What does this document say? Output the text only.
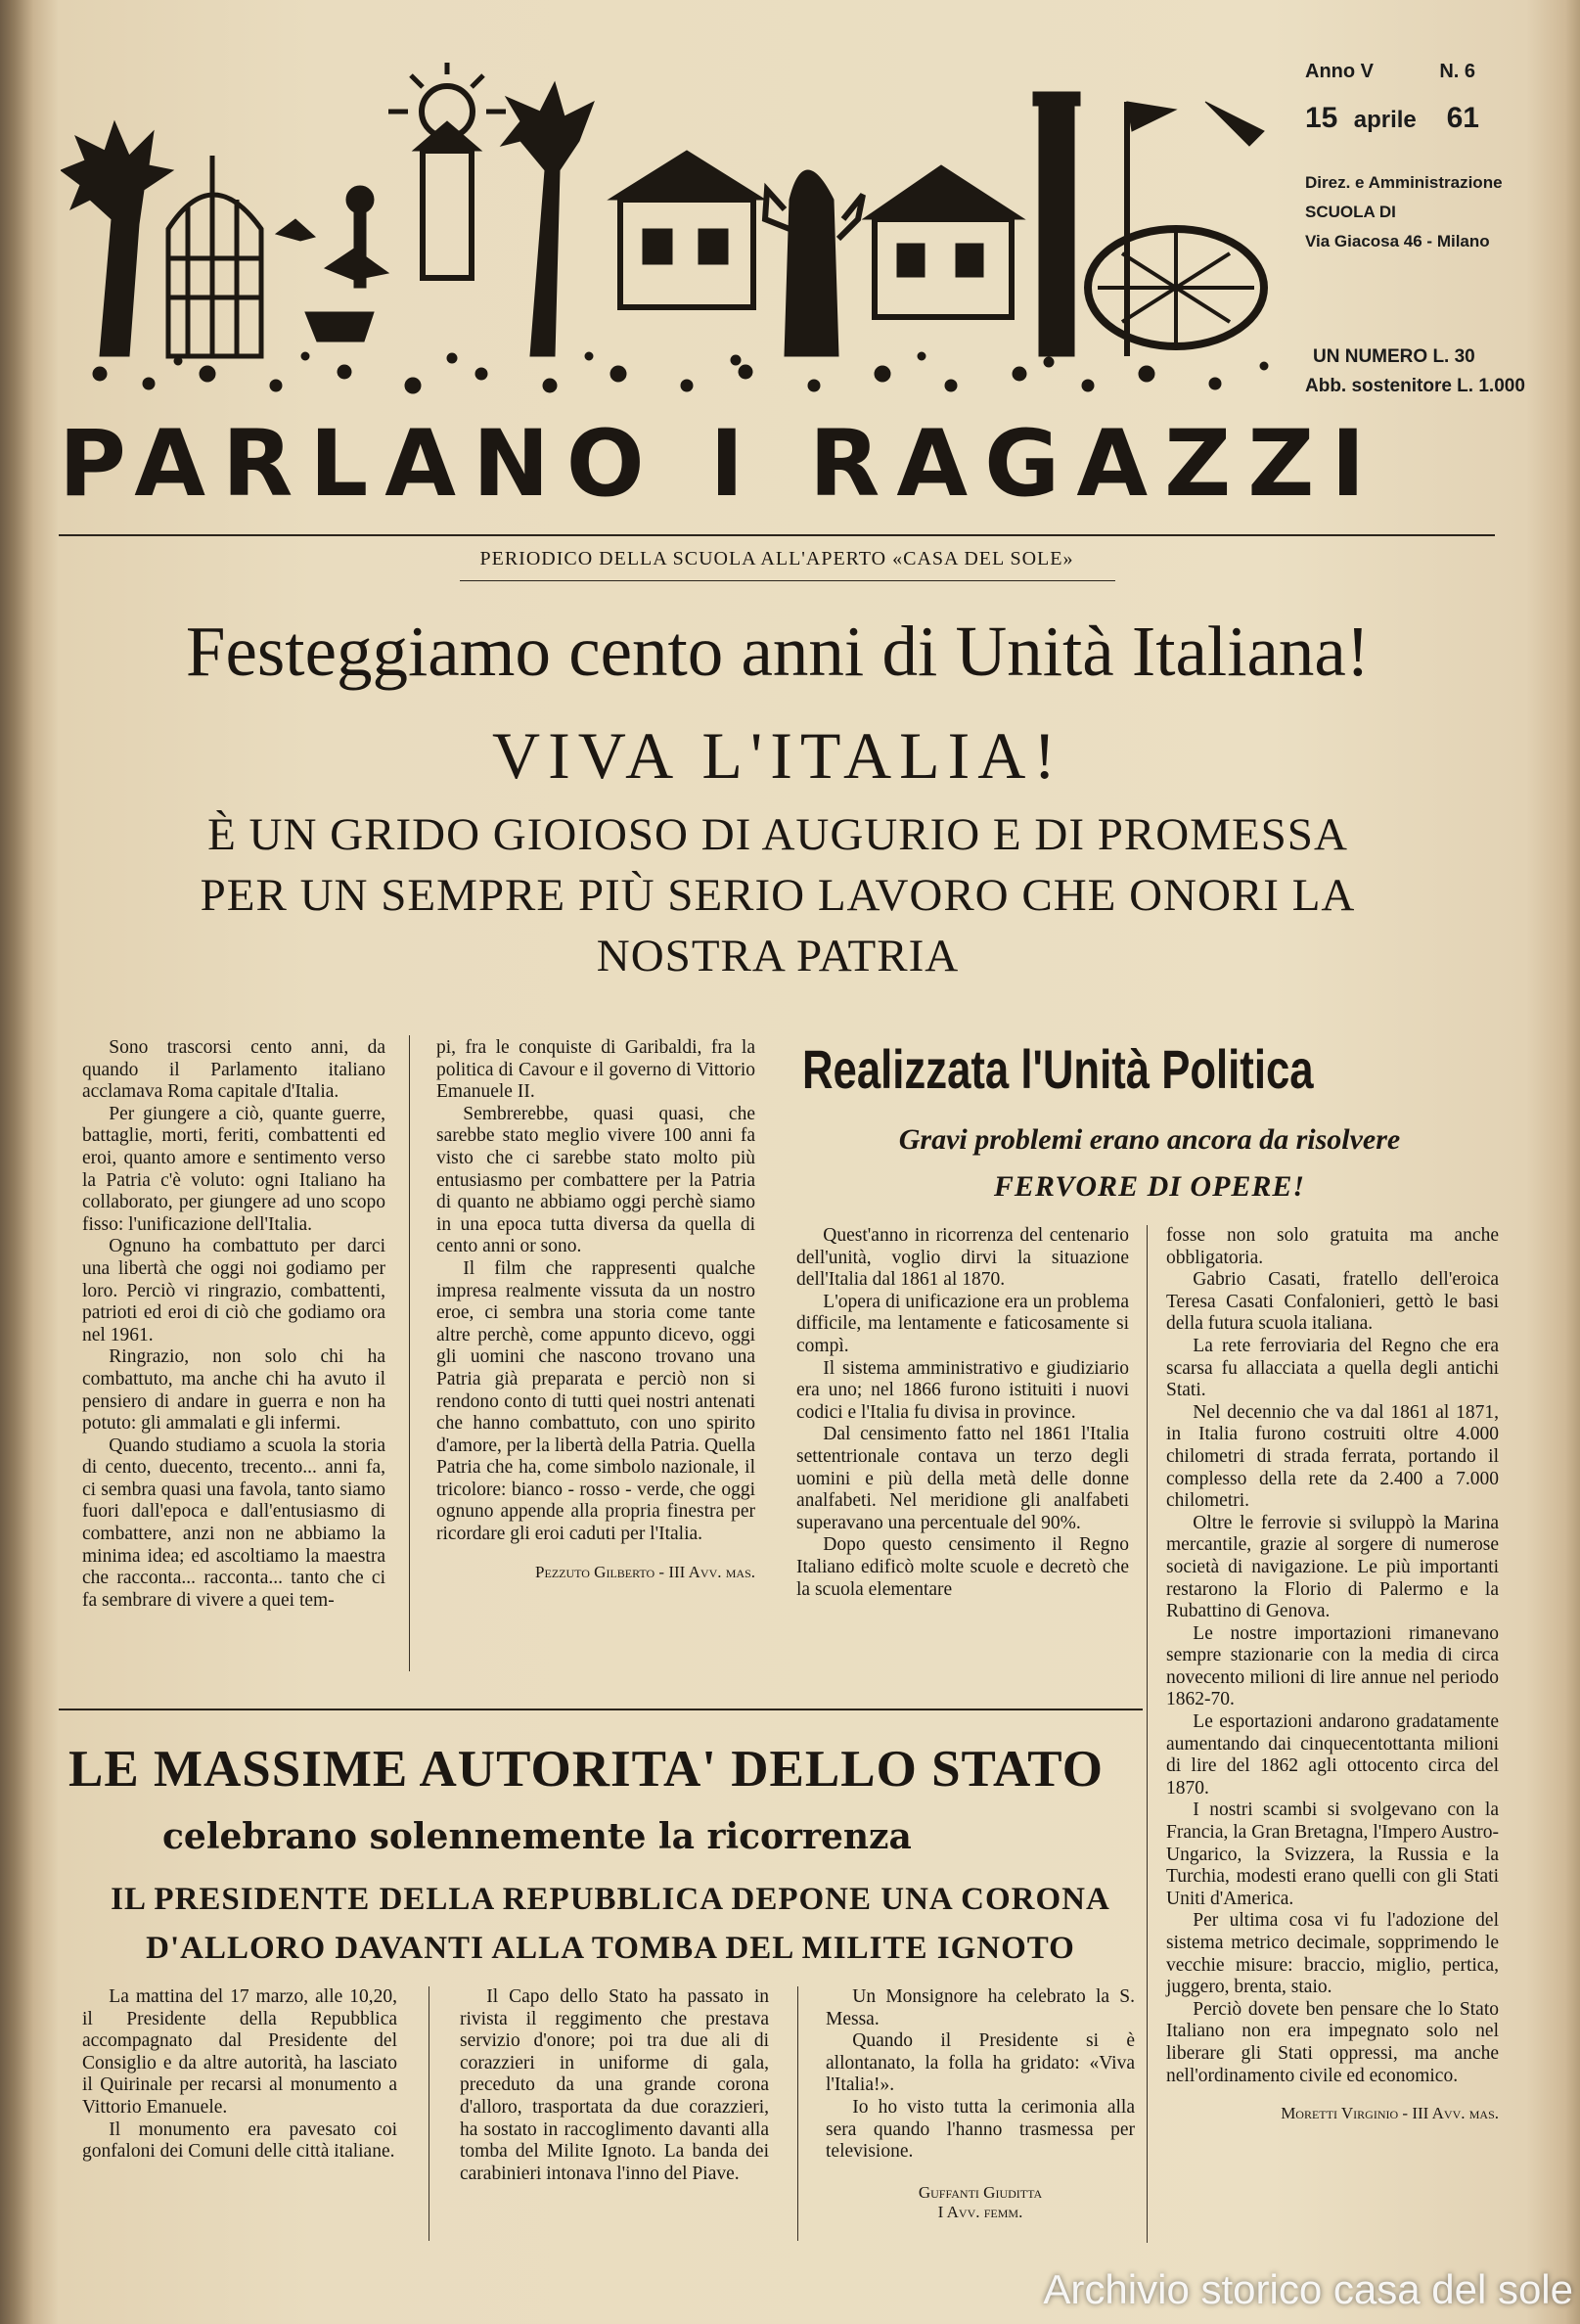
Anno V	N. 6
15 aprile 61
Direz. e Amministrazione
SCUOLA DI
Via Giacosa 46 - Milano
UN NUMERO L. 30
Abb. sostenitore L. 1.000
PARLANO I RAGAZZI
PERIODICO DELLA SCUOLA ALL'APERTO «CASA DEL SOLE»
Festeggiamo cento anni di Unità Italiana!
VIVA L'ITALIA!
È UN GRIDO GIOIOSO DI AUGURIO E DI PROMESSA
PER UN SEMPRE PIÙ SERIO LAVORO CHE ONORI LA
NOSTRA PATRIA

Sono trascorsi cento anni, da quando il Parlamento italiano acclamava Roma capitale d'Italia.

Per giungere a ciò, quante guerre, battaglie, morti, feriti, combattenti ed eroi, quanto amore e sentimento verso la Patria c'è voluto: ogni Italiano ha collaborato, per giungere ad uno scopo fisso: l'unificazione dell'Italia.

Ognuno ha combattuto per darci una libertà che oggi noi godiamo per loro. Perciò vi ringrazio, combattenti, patrioti ed eroi di ciò che godiamo ora nel 1961.

Ringrazio, non solo chi ha combattuto, ma anche chi ha avuto il pensiero di andare in guerra e non ha potuto: gli ammalati e gli infermi.

Quando studiamo a scuola la storia di cento, duecento, trecento... anni fa, ci sembra quasi una favola, tanto siamo fuori dall'epoca e dall'entusiasmo di combattere, anzi non ne abbiamo la minima idea; ed ascoltiamo la maestra che racconta... racconta... tanto che ci fa sembrare di vivere a quei tem-

pi, fra le conquiste di Garibaldi, fra la politica di Cavour e il governo di Vittorio Emanuele II.

Sembrerebbe, quasi quasi, che sarebbe stato meglio vivere 100 anni fa visto che ci sarebbe stato molto più entusiasmo per combattere per la Patria di quanto ne abbiamo oggi perchè siamo in una epoca tutta diversa da quella di cento anni or sono.

Il film che rappresenti qualche impresa realmente vissuta da un nostro eroe, ci sembra una storia come tante altre perchè, come appunto dicevo, oggi gli uomini che nascono trovano una Patria già preparata e perciò non si rendono conto di tutti quei nostri antenati che hanno combattuto, con uno spirito d'amore, per la libertà della Patria. Quella Patria che ha, come simbolo nazionale, il tricolore: bianco - rosso - verde, che oggi ognuno appende alla propria finestra per ricordare gli eroi caduti per l'Italia.

Pezzuto Gilberto - III Avv. mas.
Realizzata l'Unità Politica
Gravi problemi erano ancora da risolvere
FERVORE DI OPERE!

Quest'anno in ricorrenza del centenario dell'unità, voglio dirvi la situazione dell'Italia dal 1861 al 1870.

L'opera di unificazione era un problema difficile, ma lentamente e faticosamente si compì.

Il sistema amministrativo e giudiziario era uno; nel 1866 furono istituiti i nuovi codici e l'Italia fu divisa in province.

Dal censimento fatto nel 1861 l'Italia settentrionale contava un terzo degli uomini e più della metà delle donne analfabeti. Nel meridione gli analfabeti superavano una percentuale del 90%.

Dopo questo censimento il Regno Italiano edificò molte scuole e decretò che la scuola elementare

fosse non solo gratuita ma anche obbligatoria.

Gabrio Casati, fratello dell'eroica Teresa Casati Confalonieri, gettò le basi della futura scuola italiana.

La rete ferroviaria del Regno che era scarsa fu allacciata a quella degli antichi Stati.

Nel decennio che va dal 1861 al 1871, in Italia furono costruiti oltre 4.000 chilometri di strada ferrata, portando il complesso della rete da 2.400 a 7.000 chilometri.

Oltre le ferrovie si sviluppò la Marina mercantile, grazie al sorgere di numerose società di navigazione. Le più importanti restarono la Florio di Palermo e la Rubattino di Genova.

Le nostre importazioni rimanevano sempre stazionarie con la media di circa novecento milioni di lire annue nel periodo 1862-70.

Le esportazioni andarono gradatamente aumentando dai cinquecentottanta milioni di lire del 1862 agli ottocento circa del 1870.

I nostri scambi si svolgevano con la Francia, la Gran Bretagna, l'Impero Austro-Ungarico, la Svizzera, la Russia e la Turchia, modesti erano quelli con gli Stati Uniti d'America.

Per ultima cosa vi fu l'adozione del sistema metrico decimale, sopprimendo le vecchie misure: braccio, miglio, pertica, juggero, brenta, staio.

Perciò dovete ben pensare che lo Stato Italiano non era impegnato solo nel liberare gli Stati oppressi, ma anche nell'ordinamento civile ed economico.

Moretti Virginio - III Avv. mas.
LE MASSIME AUTORITA' DELLO STATO
celebrano solennemente la ricorrenza
IL PRESIDENTE DELLA REPUBBLICA DEPONE UNA CORONA
D'ALLORO DAVANTI ALLA TOMBA DEL MILITE IGNOTO

La mattina del 17 marzo, alle 10,20, il Presidente della Repubblica accompagnato dal Presidente del Consiglio e da altre autorità, ha lasciato il Quirinale per recarsi al monumento a Vittorio Emanuele.

Il monumento era pavesato coi gonfaloni dei Comuni delle città italiane.

Il Capo dello Stato ha passato in rivista il reggimento che prestava servizio d'onore; poi tra due ali di corazzieri in uniforme di gala, preceduto da una grande corona d'alloro, trasportata da due corazzieri, ha sostato in raccoglimento davanti alla tomba del Milite Ignoto. La banda dei carabinieri intonava l'inno del Piave.

Un Monsignore ha celebrato la S. Messa.

Quando il Presidente si è allontanato, la folla ha gridato: «Viva l'Italia!».

Io ho visto tutta la cerimonia alla sera quando l'hanno trasmessa per televisione.

Guffanti Giuditta
I Avv. femm.
Archivio storico casa del sole
